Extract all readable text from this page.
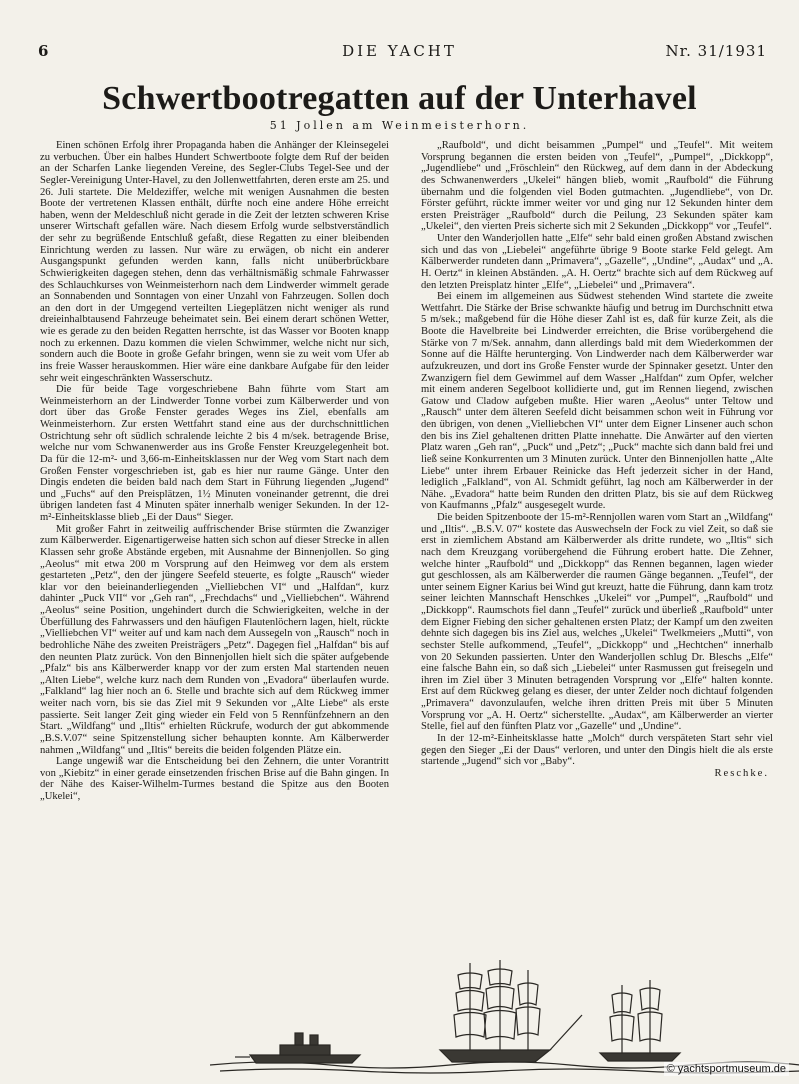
6	DIE YACHT	Nr. 31/1931
Schwertbootregatten auf der Unterhavel
51 Jollen am Weinmeisterhorn.

Einen schönen Erfolg ihrer Propaganda haben die Anhänger der Kleinsegelei zu verbuchen. Über ein halbes Hundert Schwertboote folgte dem Ruf der beiden an der Scharfen Lanke liegenden Vereine, des Segler-Clubs Tegel-See und der Segler-Vereinigung Unter-Havel, zu den Jollenwettfahrten, deren erste am 25. und 26. Juli startete. Die Meldeziffer, welche mit wenigen Ausnahmen die besten Boote der vertretenen Klassen enthält, dürfte noch eine andere Höhe erreicht haben, wenn der Meldeschluß nicht gerade in die Zeit der letzten schweren Krise unserer Wirtschaft gefallen wäre. Nach diesem Erfolg wurde selbstverständlich der sehr zu begrüßende Entschluß gefaßt, diese Regatten zu einer bleibenden Einrichtung werden zu lassen. Nur wäre zu erwägen, ob nicht ein anderer Ausgangspunkt gefunden werden kann, falls nicht unüberbrückbare Schwierigkeiten dagegen stehen, denn das verhältnismäßig schmale Fahrwasser des Schlauchkurses von Weinmeisterhorn nach dem Lindwerder wimmelt gerade an Sonnabenden und Sonntagen von einer Unzahl von Fahrzeugen. Sollen doch an den dort in der Umgegend verteilten Liegeplätzen nicht weniger als rund dreieinhalbtausend Fahrzeuge beheimatet sein. Bei einem derart schönen Wetter, wie es gerade zu den beiden Regatten herrschte, ist das Wasser vor Booten knapp noch zu erkennen. Dazu kommen die vielen Schwimmer, welche nicht nur sich, sondern auch die Boote in große Gefahr bringen, wenn sie zu weit vom Ufer ab ins freie Wasser herauskommen. Hier wäre eine dankbare Aufgabe für den leider sehr weit eingeschränkten Wasserschutz.

Die für beide Tage vorgeschriebene Bahn führte vom Start am Weinmeisterhorn an der Lindwerder Tonne vorbei zum Kälberwerder und von dort über das Große Fenster gerades Weges ins Ziel, ebenfalls am Weinmeisterhorn. Zur ersten Wettfahrt stand eine aus der durchschnittlichen Ostrichtung sehr oft südlich schralende leichte 2 bis 4 m/sek. betragende Brise, welche nur vom Schwanenwerder aus ins Große Fenster Kreuzgelegenheit bot. Da für die 12-m²- und 3,66-m-Einheitsklassen nur der Weg vom Start nach dem Großen Fenster vorgeschrieben ist, gab es hier nur raume Gänge. Unter den Dingis endeten die beiden bald nach dem Start in Führung liegenden „Jugend“ und „Fuchs“ auf den Preisplätzen, 1½ Minuten voneinander getrennt, die drei übrigen landeten fast 4 Minuten später innerhalb weniger Sekunden. In der 12-m²-Einheitsklasse blieb „Ei der Daus“ Sieger.

Mit großer Fahrt in zeitweilig auffrischender Brise stürmten die Zwanziger zum Kälberwerder. Eigenartigerweise hatten sich schon auf dieser Strecke in allen Klassen sehr große Abstände ergeben, mit Ausnahme der Binnenjollen. So ging „Aeolus“ mit etwa 200 m Vorsprung auf den Heimweg vor dem als erstem gestarteten „Petz“, den der jüngere Seefeld steuerte, es folgte „Rausch“ wieder klar vor den beieinanderliegenden „Vielliebchen VI“ und „Halfdan“, kurz dahinter „Puck VII“ vor „Geh ran“, „Frechdachs“ und „Vielliebchen“. Während „Aeolus“ seine Position, ungehindert durch die Schwierigkeiten, welche in der Überfüllung des Fahrwassers und den häufigen Flautenlöchern lagen, hielt, rückte „Vielliebchen VI“ weiter auf und kam nach dem Aussegeln von „Rausch“ noch in bedrohliche Nähe des zweiten Preisträgers „Petz“. Dagegen fiel „Halfdan“ bis auf den neunten Platz zurück. Von den Binnenjollen hielt sich die später aufgebende „Pfalz“ bis ans Kälberwerder knapp vor der zum ersten Mal startenden neuen „Alten Liebe“, welche kurz nach dem Runden von „Evadora“ überlaufen wurde. „Falkland“ lag hier noch an 6. Stelle und brachte sich auf dem Rückweg immer weiter nach vorn, bis sie das Ziel mit 9 Sekunden vor „Alte Liebe“ als erste passierte. Seit langer Zeit ging wieder ein Feld von 5 Rennfünfzehnern an den Start. „Wildfang“ und „Iltis“ erhielten Rückrufe, wodurch der gut abkommende „B.S.V.07“ seine Spitzenstellung sicher behaupten konnte. Am Kälberwerder nahmen „Wildfang“ und „Iltis“ bereits die beiden folgenden Plätze ein.

Lange ungewiß war die Entscheidung bei den Zehnern, die unter Vorantritt von „Kiebitz“ in einer gerade einsetzenden frischen Brise auf die Bahn gingen. In der Nähe des Kaiser-Wilhelm-Turmes bestand die Spitze aus den Booten „Ukelei“,

„Raufbold“, und dicht beisammen „Pumpel“ und „Teufel“. Mit weitem Vorsprung begannen die ersten beiden von „Teufel“, „Pumpel“, „Dickkopp“, „Jugendliebe“ und „Fröschlein“ den Rückweg, auf dem dann in der Abdeckung des Schwanenwerders „Ukelei“ hängen blieb, womit „Raufbold“ die Führung übernahm und die folgenden viel Boden gutmachten. „Jugendliebe“, von Dr. Förster geführt, rückte immer weiter vor und ging nur 12 Sekunden hinter dem ersten Preisträger „Raufbold“ durch die Peilung, 23 Sekunden später kam „Ukelei“, den vierten Preis sicherte sich mit 2 Sekunden „Dickkopp“ vor „Teufel“.

Unter den Wanderjollen hatte „Elfe“ sehr bald einen großen Abstand zwischen sich und das von „Liebelei“ angeführte übrige 9 Boote starke Feld gelegt. Am Kälberwerder rundeten dann „Primavera“, „Gazelle“, „Undine“, „Audax“ und „A. H. Oertz“ in kleinen Abständen. „A. H. Oertz“ brachte sich auf dem Rückweg auf den letzten Preisplatz hinter „Elfe“, „Liebelei“ und „Primavera“.

Bei einem im allgemeinen aus Südwest stehenden Wind startete die zweite Wettfahrt. Die Stärke der Brise schwankte häufig und betrug im Durchschnitt etwa 5 m/sek.; maßgebend für die Höhe dieser Zahl ist es, daß für kurze Zeit, als die Boote die Havelbreite bei Lindwerder erreichten, die Brise vorübergehend die Stärke von 7 m/Sek. annahm, dann allerdings bald mit dem Wiederkommen der Sonne auf die Hälfte herunterging. Von Lindwerder nach dem Kälberwerder war aufzukreuzen, und dort ins Große Fenster wurde der Spinnaker gesetzt. Unter den Zwanzigern fiel dem Gewimmel auf dem Wasser „Halfdan“ zum Opfer, welcher mit einem anderen Segelboot kollidierte und, gut im Rennen liegend, zwischen Gatow und Cladow aufgeben mußte. Hier waren „Aeolus“ unter Teltow und „Rausch“ unter dem älteren Seefeld dicht beisammen schon weit in Führung vor den übrigen, von denen „Vielliebchen VI“ unter dem Eigner Linsener auch schon den bis ins Ziel gehaltenen dritten Platte innehatte. Die Anwärter auf den vierten Platz waren „Geh ran“, „Puck“ und „Petz“; „Puck“ machte sich dann bald frei und ließ seine Konkurrenten um 3 Minuten zurück. Unter den Binnenjollen hatte „Alte Liebe“ unter ihrem Erbauer Reinicke das Heft jederzeit sicher in der Hand, lediglich „Falkland“, von Al. Schmidt geführt, lag noch am Kälberwerder in der Nähe. „Evadora“ hatte beim Runden den dritten Platz, bis sie auf dem Rückweg von Kaufmanns „Pfalz“ ausgesegelt wurde.

Die beiden Spitzenboote der 15-m²-Rennjollen waren vom Start an „Wildfang“ und „Iltis“. „B.S.V. 07“ kostete das Auswechseln der Fock zu viel Zeit, so daß sie erst in ziemlichem Abstand am Kälberwerder als dritte rundete, wo „Iltis“ sich nach dem Kreuzgang vorübergehend die Führung erobert hatte. Die Zehner, welche hinter „Raufbold“ und „Dickkopp“ das Rennen begannen, lagen wieder gut geschlossen, als am Kälberwerder die raumen Gänge begannen. „Teufel“, der unter seinem Eigner Karius bei Wind gut kreuzt, hatte die Führung, dann kam trotz seiner leichten Mannschaft Henschkes „Ukelei“ vor „Pumpel“, „Raufbold“ und „Dickkopp“. Raumschots fiel dann „Teufel“ zurück und überließ „Raufbold“ unter dem Eigner Fiebing den sicher gehaltenen ersten Platz; der Kampf um den zweiten dehnte sich dagegen bis ins Ziel aus, welches „Ukelei“ Twelkmeiers „Mutti“, von sechster Stelle aufkommend, „Teufel“, „Dickkopp“ und „Hechtchen“ innerhalb von 20 Sekunden passierten. Unter den Wanderjollen schlug Dr. Bleschs „Elfe“ eine falsche Bahn ein, so daß sich „Liebelei“ unter Rasmussen gut freisegeln und ihren im Ziel über 3 Minuten betragenden Vorsprung vor „Elfe“ halten konnte. Erst auf dem Rückweg gelang es dieser, der unter Zelder noch dichtauf folgenden „Primavera“ davonzulaufen, welche ihren dritten Preis mit über 5 Minuten Vorsprung vor „A. H. Oertz“ sicherstellte. „Audax“, am Kälberwerder an vierter Stelle, fiel auf den fünften Platz vor „Gazelle“ und „Undine“.

In der 12-m²-Einheitsklasse hatte „Molch“ durch verspäteten Start sehr viel gegen den Sieger „Ei der Daus“ verloren, und unter den Dingis hielt die als erste startende „Jugend“ sich vor „Baby“.

Reschke.
© yachtsportmuseum.de
